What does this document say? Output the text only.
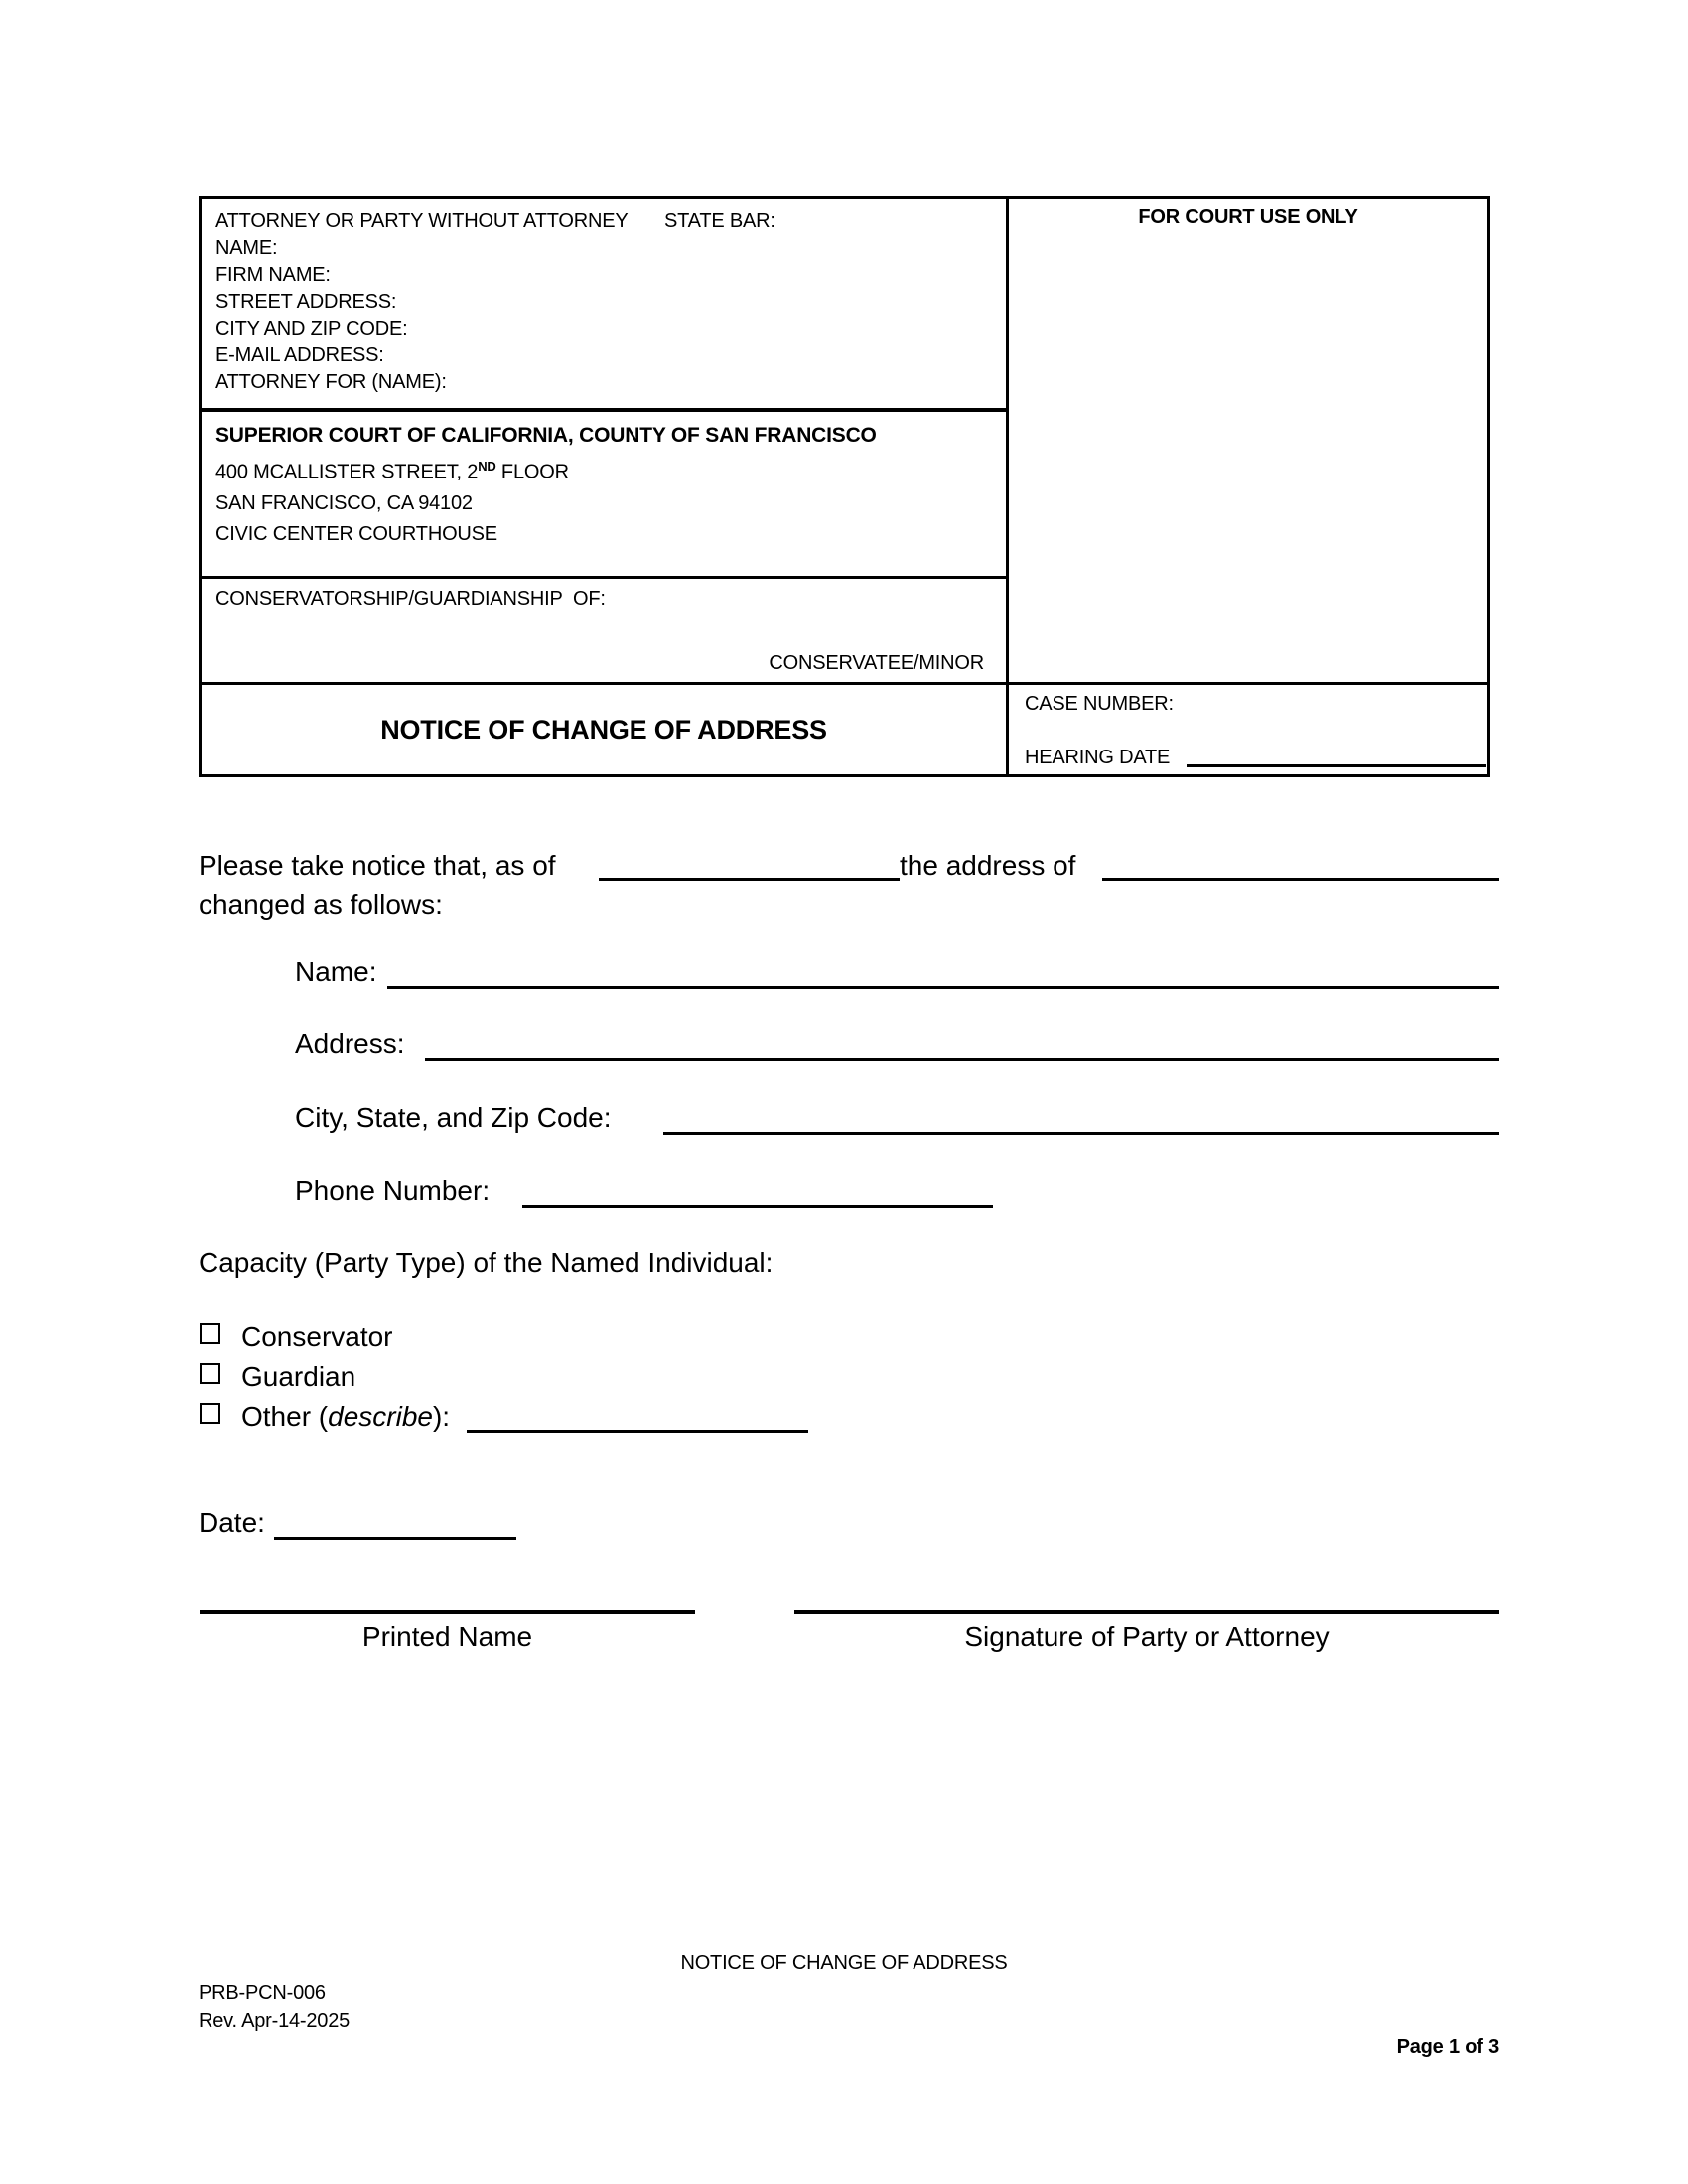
ATTORNEY OR PARTY WITHOUT ATTORNEY STATE BAR:
NAME:
FIRM NAME:
STREET ADDRESS:
CITY AND ZIP CODE:
E-MAIL ADDRESS:
ATTORNEY FOR (NAME):
SUPERIOR COURT OF CALIFORNIA, COUNTY OF SAN FRANCISCO
400 MCALLISTER STREET, 2ND FLOOR
SAN FRANCISCO, CA 94102
CIVIC CENTER COURTHOUSE
CONSERVATORSHIP/GUARDIANSHIP  OF:
CONSERVATEE/MINOR
NOTICE OF CHANGE OF ADDRESS
FOR COURT USE ONLY
CASE NUMBER:
HEARING DATE
Please take notice that, as of	the address of
changed as follows:
Name:
Address:
City, State, and Zip Code:
Phone Number:
Capacity (Party Type) of the Named Individual:
Conservator
Guardian
Other (describe):
Date:
Printed Name	Signature of Party or Attorney
NOTICE OF CHANGE OF ADDRESS
PRB-PCN-006
Rev. Apr-14-2025
Page 1 of 3
